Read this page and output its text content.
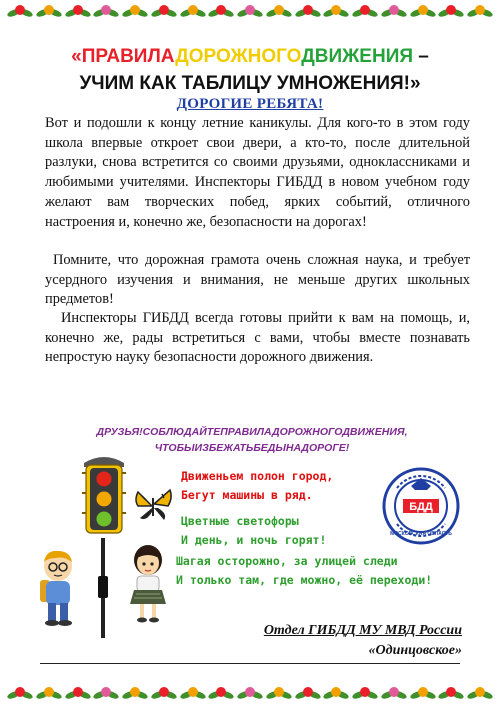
«ПРАВИЛАДОРОЖНОГОДВИЖЕНИЯ –
УЧИМ КАК ТАБЛИЦУ УМНОЖЕНИЯ!»
ДОРОГИЕ РЕБЯТА!
Вот и подошли к концу летние каникулы. Для кого-то в этом году школа впервые откроет свои двери, а кто-то, после длительной разлуки, снова встретится со своими друзьями, одноклассниками и любимыми учителями. Инспекторы ГИБДД в новом учебном году желают вам творческих побед, ярких событий, отличного настроения и, конечно же, безопасности на дорогах!
Помните, что дорожная грамота очень сложная наука, и требует усердного изучения и внимания, не меньше других школьных предметов!
Инспекторы ГИБДД всегда готовы прийти к вам на помощь, и, конечно же, рады встретиться с вами, чтобы вместе познавать непростую науку безопасности дорожного движения.
ДРУЗЬЯ!СОБЛЮДАЙТЕПРАВИЛАДОРОЖНОГОДВИЖЕНИЯ,
ЧТОБЫИЗБЕЖАТЬБЕДЫНАДОРОГЕ!
Движеньем полон город,
Бегут машины в ряд.
Цветные светофоры
И день, и ночь горят!
Шагая осторожно, за улицей следи
И только там, где можно, её переходи!
БДД
МОСКОВСКАЯ ОБЛАСТЬ
Отдел ГИБДД МУ МВД России
«Одинцовское»
